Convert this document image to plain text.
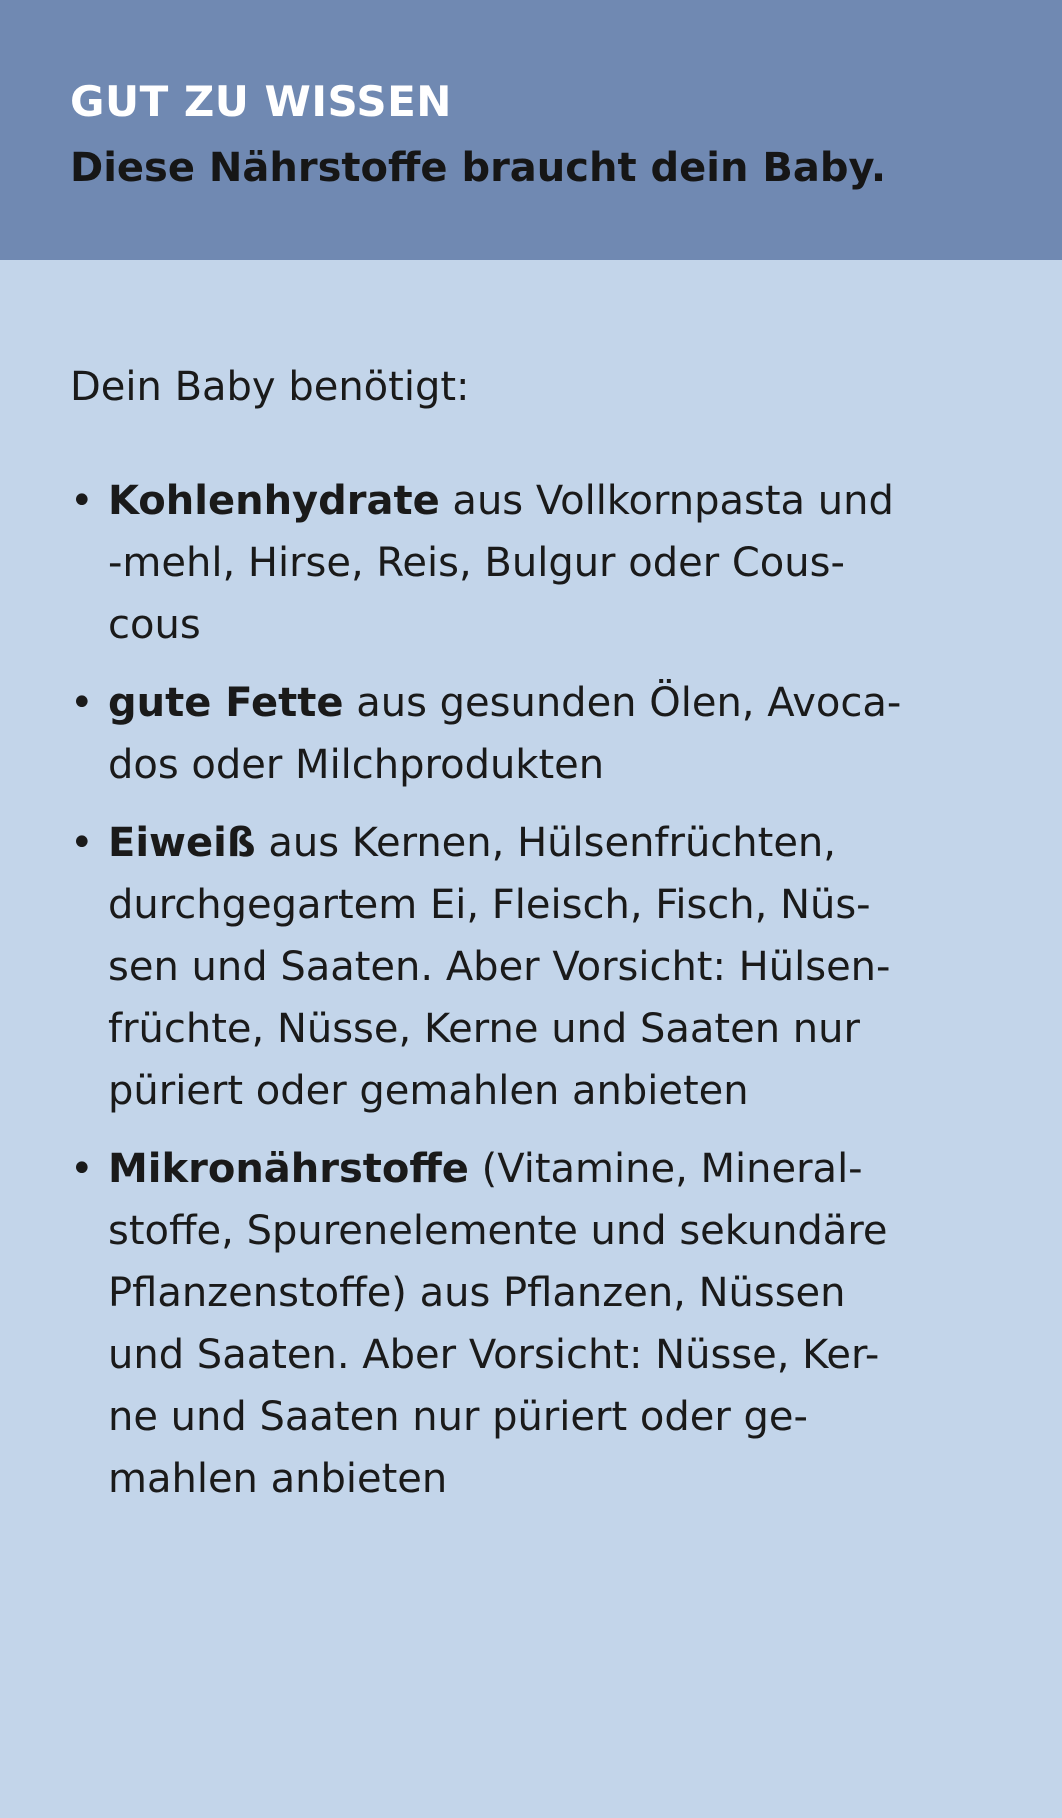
GUT ZU WISSEN

Diese Nährstoffe braucht dein Baby.

Dein Baby benötigt:

• Kohlenhydrate aus Vollkornpasta und
-mehl, Hirse, Reis, Bulgur oder Cous-
cous
• gute Fette aus gesunden Ölen, Avoca-
dos oder Milchprodukten
• Eiweiß aus Kernen, Hülsenfrüchten,
durchgegartem Ei, Fleisch, Fisch, Nüs-
sen und Saaten. Aber Vorsicht: Hülsen-
früchte, Nüsse, Kerne und Saaten nur
püriert oder gemahlen anbieten
• Mikronährstoffe (Vitamine, Mineral-
stoffe, Spurenelemente und sekundäre
Pflanzenstoffe) aus Pflanzen, Nüssen
und Saaten. Aber Vorsicht: Nüsse, Ker-
ne und Saaten nur püriert oder ge-
mahlen anbieten
